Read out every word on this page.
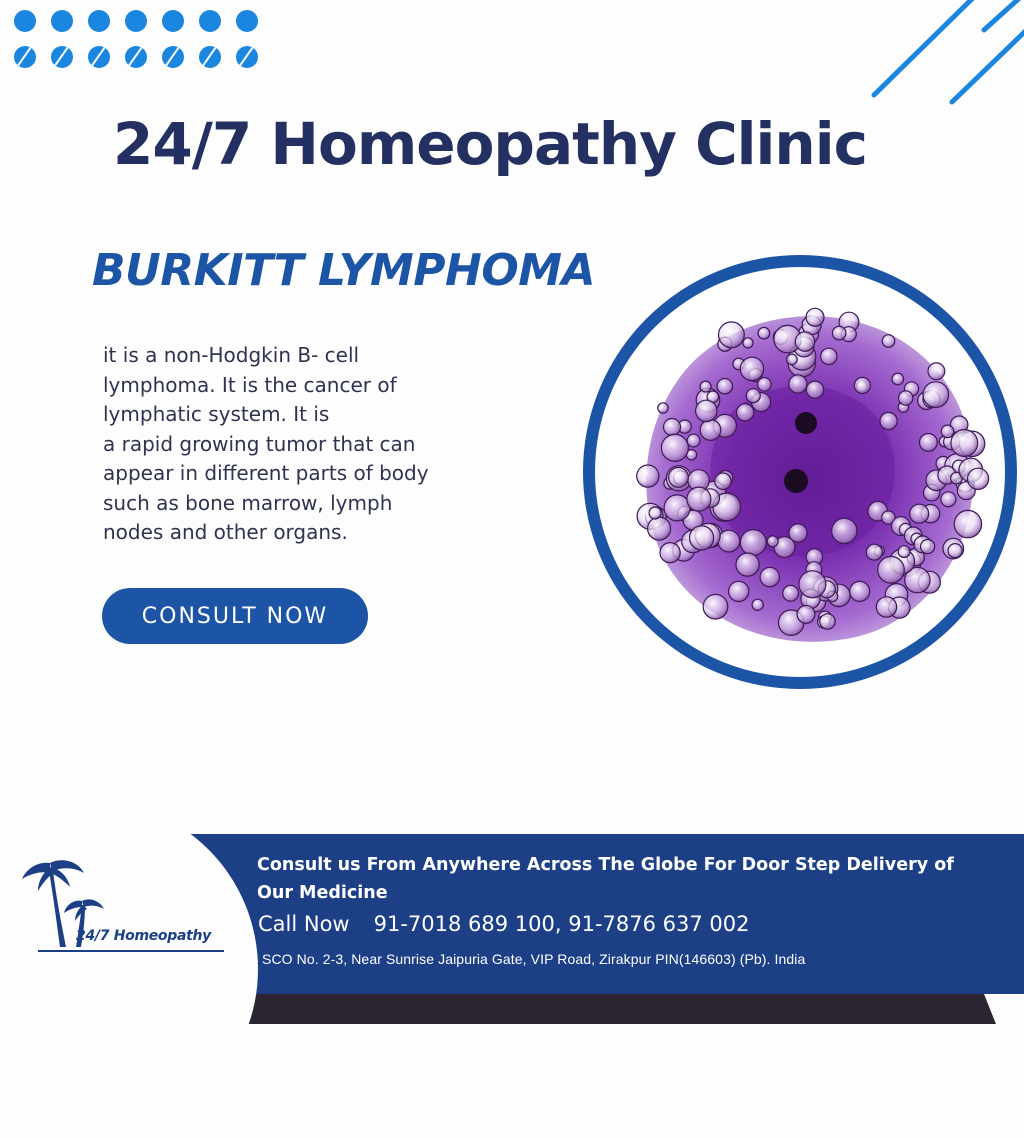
24/7 Homeopathy Clinic
BURKITT LYMPHOMA
it is a non-Hodgkin B- cell
lymphoma. It is the cancer of
lymphatic system. It is
a rapid growing tumor that can
appear in different parts of body
such as bone marrow, lymph
nodes and other organs.
CONSULT NOW
24/7 Homeopathy
Consult us From Anywhere Across The Globe For Door Step Delivery of Our Medicine
Call Now 91-7018 689 100, 91-7876 637 002
SCO No. 2-3, Near Sunrise Jaipuria Gate, VIP Road, Zirakpur PIN(146603) (Pb). India
